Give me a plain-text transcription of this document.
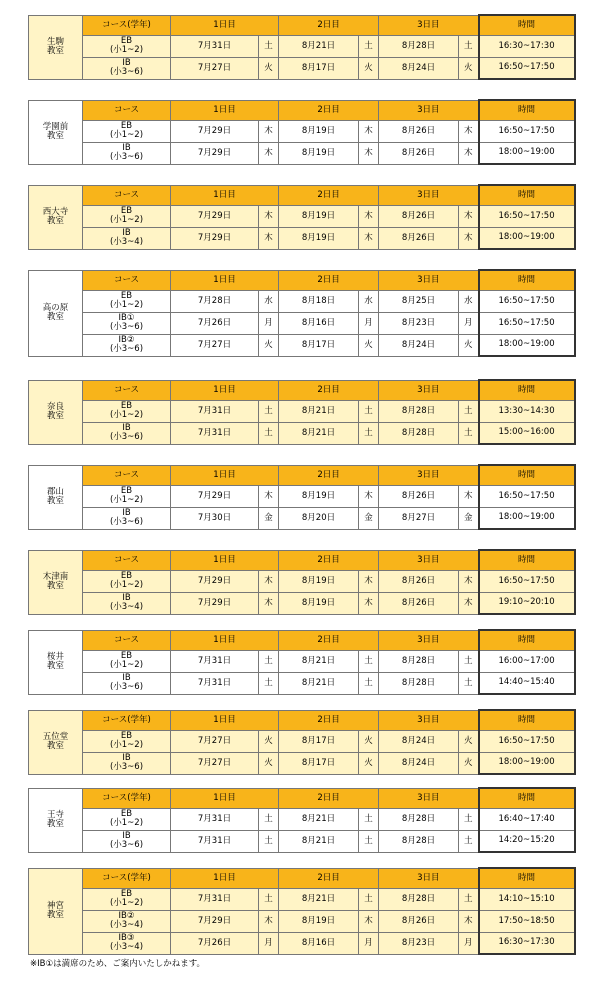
生駒
教室	コース(学年)	1日目		2日目		3日目		時間

	EB
(小1~2)	7月31日	土	8月21日	土	8月28日	土	16:30~17:30

	IB
(小3~6)	7月27日	火	8月17日	火	8月24日	火	16:50~17:50
学園前
教室	コース	1日目		2日目		3日目		時間

	EB
(小1~2)	7月29日	木	8月19日	木	8月26日	木	16:50~17:50

	IB
(小3~6)	7月29日	木	8月19日	木	8月26日	木	18:00~19:00
西大寺
教室	コース	1日目		2日目		3日目		時間

	EB
(小1~2)	7月29日	木	8月19日	木	8月26日	木	16:50~17:50

	IB
(小3~4)	7月29日	木	8月19日	木	8月26日	木	18:00~19:00
高の原
教室	コース	1日目		2日目		3日目		時間

	EB
(小1~2)	7月28日	水	8月18日	水	8月25日	水	16:50~17:50

	IB①
(小3~6)	7月26日	月	8月16日	月	8月23日	月	16:50~17:50

	IB②
(小3~6)	7月27日	火	8月17日	火	8月24日	火	18:00~19:00
奈良
教室	コース	1日目		2日目		3日目		時間

	EB
(小1~2)	7月31日	土	8月21日	土	8月28日	土	13:30~14:30

	IB
(小3~6)	7月31日	土	8月21日	土	8月28日	土	15:00~16:00
郡山
教室	コース	1日目		2日目		3日目		時間

	EB
(小1~2)	7月29日	木	8月19日	木	8月26日	木	16:50~17:50

	IB
(小3~6)	7月30日	金	8月20日	金	8月27日	金	18:00~19:00
木津南
教室	コース	1日目		2日目		3日目		時間

	EB
(小1~2)	7月29日	木	8月19日	木	8月26日	木	16:50~17:50

	IB
(小3~4)	7月29日	木	8月19日	木	8月26日	木	19:10~20:10
桜井
教室	コース	1日目		2日目		3日目		時間

	EB
(小1~2)	7月31日	土	8月21日	土	8月28日	土	16:00~17:00

	IB
(小3~6)	7月31日	土	8月21日	土	8月28日	土	14:40~15:40
五位堂
教室	コース(学年)	1日目		2日目		3日目		時間

	EB
(小1~2)	7月27日	火	8月17日	火	8月24日	火	16:50~17:50

	IB
(小3~6)	7月27日	火	8月17日	火	8月24日	火	18:00~19:00
王寺
教室	コース(学年)	1日目		2日目		3日目		時間

	EB
(小1~2)	7月31日	土	8月21日	土	8月28日	土	16:40~17:40

	IB
(小3~6)	7月31日	土	8月21日	土	8月28日	土	14:20~15:20
神宮
教室	コース(学年)	1日目		2日目		3日目		時間

	EB
(小1~2)	7月31日	土	8月21日	土	8月28日	土	14:10~15:10

	IB②
(小3~4)	7月29日	木	8月19日	木	8月26日	木	17:50~18:50

	IB③
(小3~4)	7月26日	月	8月16日	月	8月23日	月	16:30~17:30
※IB①は満席のため、ご案内いたしかねます。
